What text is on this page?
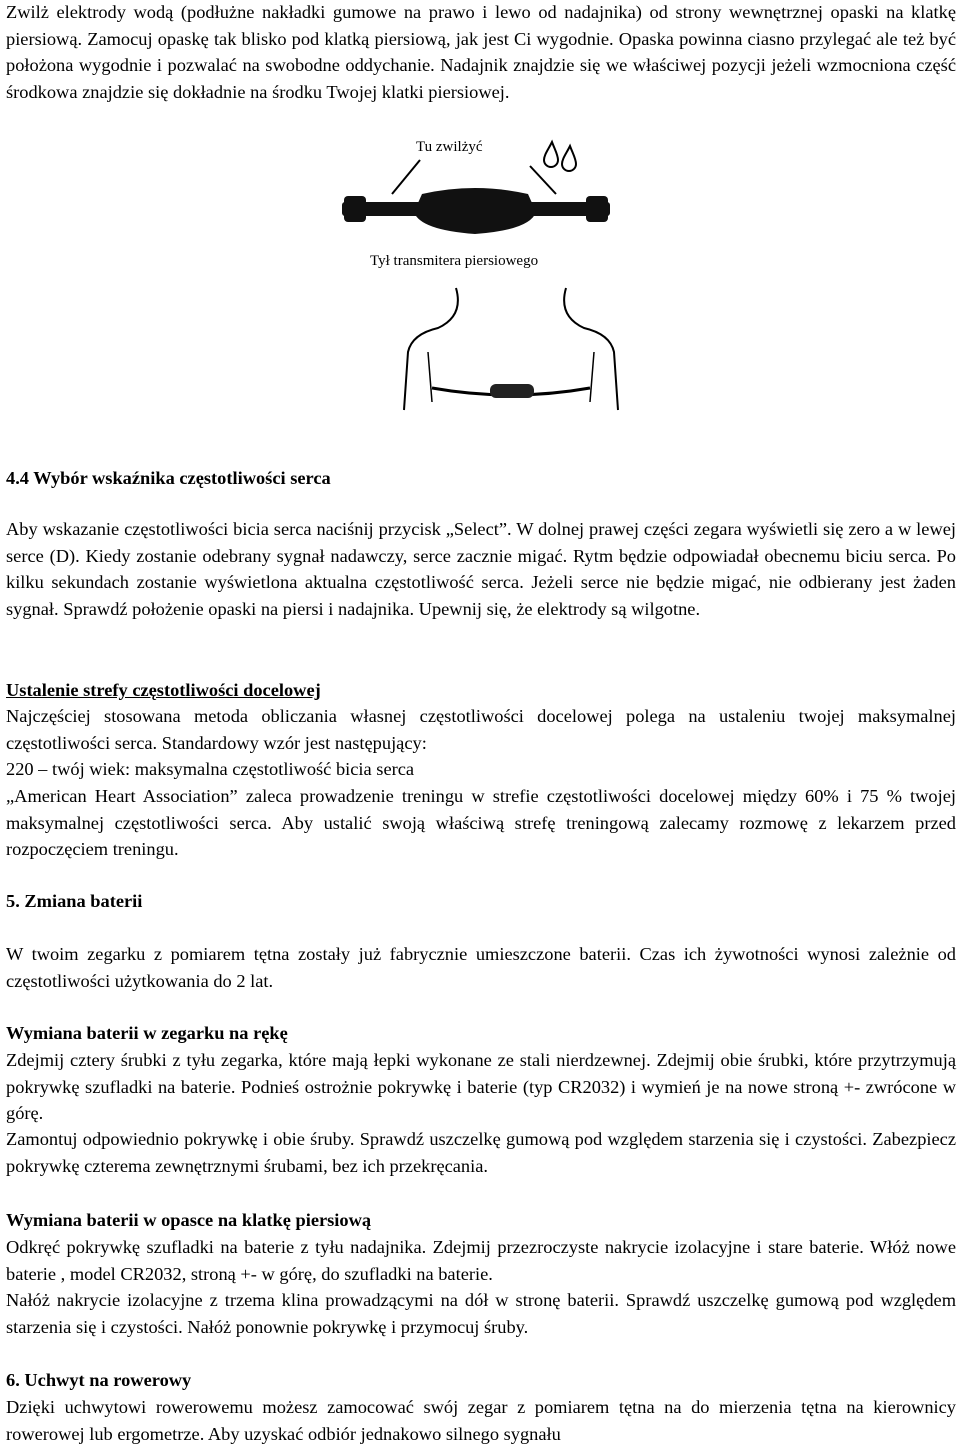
Zwilż elektrody wodą (podłużne nakładki gumowe na prawo i lewo od nadajnika) od strony wewnętrznej opaski na klatkę piersiową. Zamocuj opaskę tak blisko pod klatką piersiową, jak jest Ci wygodnie. Opaska powinna ciasno przylegać ale też być położona wygodnie i pozwalać na swobodne oddychanie. Nadajnik znajdzie się we właściwej pozycji jeżeli wzmocniona część środkowa znajdzie się dokładnie na środku Twojej klatki piersiowej.

Tu zwilżyć
Tył transmitera piersiowego
4.4 Wybór wskaźnika częstotliwości serca

Aby wskazanie częstotliwości bicia serca naciśnij przycisk „Select”. W dolnej prawej części zegara wyświetli się zero a w lewej serce (D). Kiedy zostanie odebrany sygnał nadawczy, serce zacznie migać. Rytm będzie odpowiadał obecnemu biciu serca. Po kilku sekundach zostanie wyświetlona aktualna częstotliwość serca. Jeżeli serce nie będzie migać, nie odbierany jest żaden sygnał. Sprawdź położenie opaski na piersi i nadajnika. Upewnij się, że elektrody są wilgotne.

Ustalenie strefy częstotliwości docelowej

Najczęściej stosowana metoda obliczania własnej częstotliwości docelowej polega na ustaleniu twojej maksymalnej częstotliwości serca. Standardowy wzór jest następujący:

220 – twój wiek: maksymalna częstotliwość bicia serca

„American Heart Association” zaleca prowadzenie treningu w strefie częstotliwości docelowej między 60% i 75 % twojej maksymalnej częstotliwości serca. Aby ustalić swoją właściwą strefę treningową zalecamy rozmowę z lekarzem przed rozpoczęciem treningu.

5. Zmiana baterii

W twoim zegarku z pomiarem tętna zostały już fabrycznie umieszczone baterii. Czas ich żywotności wynosi zależnie od częstotliwości użytkowania do 2 lat.

Wymiana baterii w zegarku na rękę

Zdejmij cztery śrubki z tyłu zegarka, które mają łepki wykonane ze stali nierdzewnej. Zdejmij obie śrubki, które przytrzymują pokrywkę szufladki na baterie. Podnieś ostrożnie pokrywkę i baterie (typ CR2032) i wymień je na nowe stroną +- zwrócone w górę.

Zamontuj odpowiednio pokrywkę i obie śruby. Sprawdź uszczelkę gumową pod względem starzenia się i czystości. Zabezpiecz pokrywkę czterema zewnętrznymi śrubami, bez ich przekręcania.

Wymiana baterii w opasce na klatkę piersiową

Odkręć pokrywkę szufladki na baterie z tyłu nadajnika. Zdejmij przezroczyste nakrycie izolacyjne i stare baterie. Włóż nowe baterie , model CR2032, stroną +- w górę, do szufladki na baterie.

Nałóż nakrycie izolacyjne z trzema klina prowadzącymi na dół w stronę baterii. Sprawdź uszczelkę gumową pod względem starzenia się i czystości. Nałóż ponownie pokrywkę i przymocuj śruby.

6. Uchwyt na rowerowy

Dzięki uchwytowi rowerowemu możesz zamocować swój zegar z pomiarem tętna na do mierzenia tętna na kierownicy rowerowej lub ergometrze. Aby uzyskać odbiór jednakowo silnego sygnału
